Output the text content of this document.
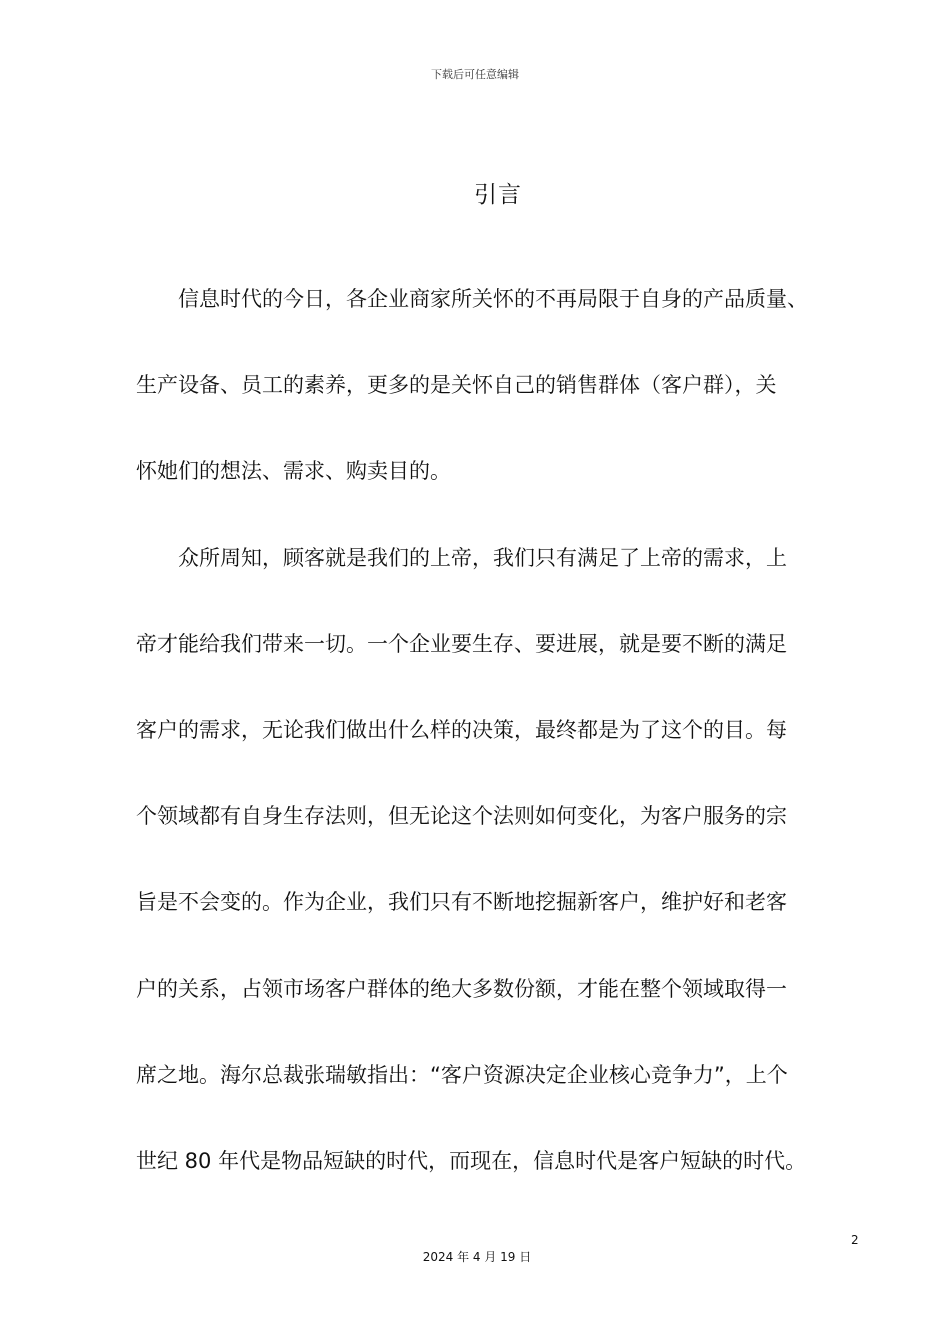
下载后可任意编辑
引言
　　信息时代的今日，各企业商家所关怀的不再局限于自身的产品质量、
生产设备、员工的素养，更多的是关怀自己的销售群体（客户群），关
怀她们的想法、需求、购卖目的。
　　众所周知，顾客就是我们的上帝，我们只有满足了上帝的需求，上
帝才能给我们带来一切。一个企业要生存、要进展，就是要不断的满足
客户的需求，无论我们做出什么样的决策，最终都是为了这个的目。每
个领域都有自身生存法则，但无论这个法则如何变化，为客户服务的宗
旨是不会变的。作为企业，我们只有不断地挖掘新客户，维护好和老客
户的关系，占领市场客户群体的绝大多数份额，才能在整个领域取得一
席之地。海尔总裁张瑞敏指出：“客户资源决定企业核心竞争力”，上个
世纪 80 年代是物品短缺的时代，而现在，信息时代是客户短缺的时代。
2
2024 年 4 月 19 日
